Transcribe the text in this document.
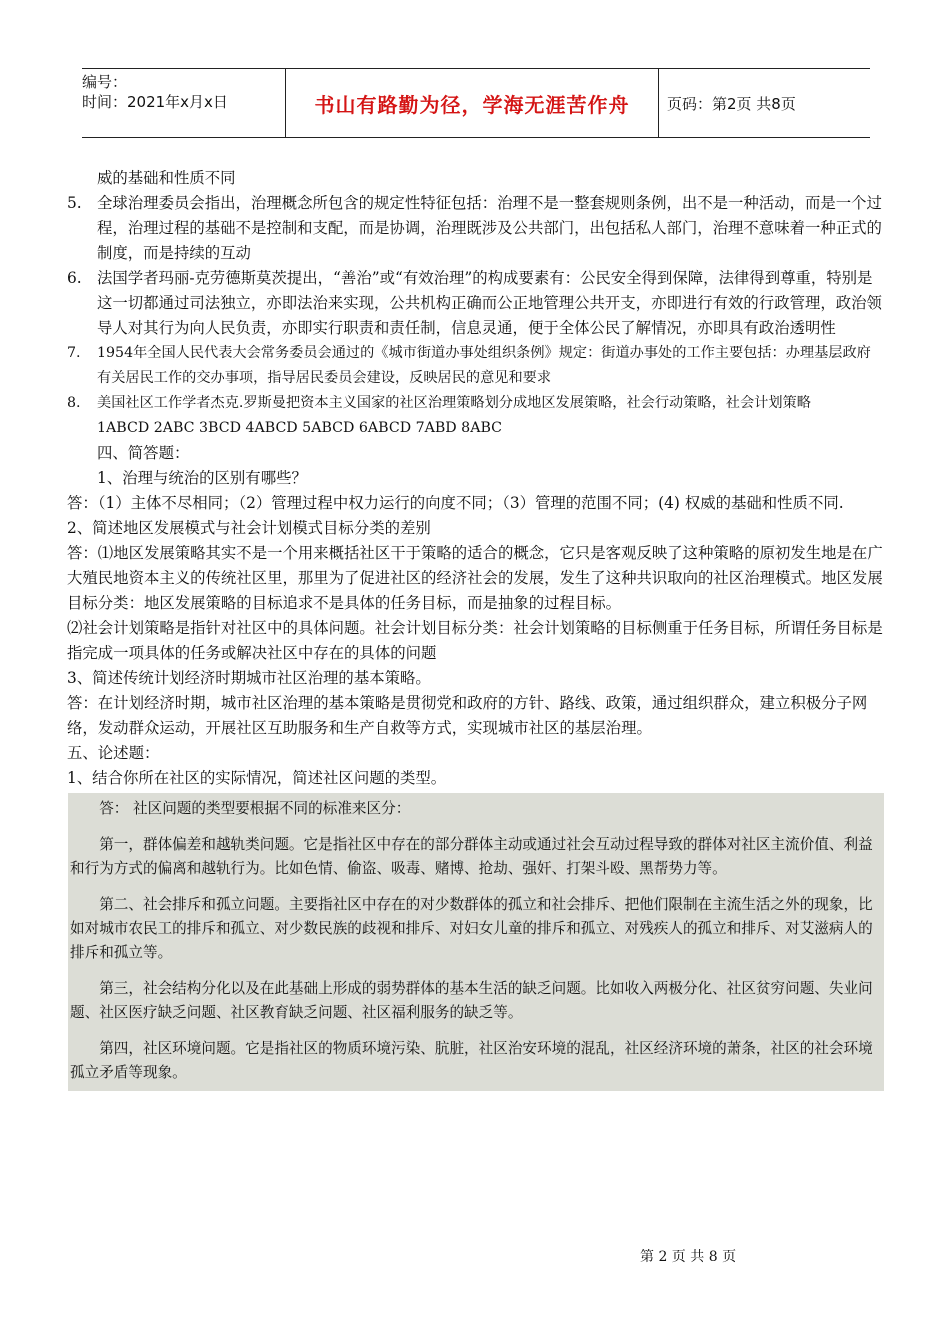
编号：
时间：2021年x月x日	书山有路勤为径，学海无涯苦作舟	页码：第2页 共8页

威的基础和性质不同

5. 全球治理委员会指出，治理概念所包含的规定性特征包括：治理不是一整套规则条例，出不是一种活动，而是一个过程，治理过程的基础不是控制和支配，而是协调，治理既涉及公共部门，出包括私人部门，治理不意味着一种正式的制度，而是持续的互动
6. 法国学者玛丽-克劳德斯莫茨提出，“善治”或“有效治理”的构成要素有：公民安全得到保障，法律得到尊重，特别是这一切都通过司法独立，亦即法治来实现，公共机构正确而公正地管理公共开支，亦即进行有效的行政管理，政治领导人对其行为向人民负责，亦即实行职责和责任制，信息灵通，便于全体公民了解情况，亦即具有政治透明性
7.	1954年全国人民代表大会常务委员会通过的《城市街道办事处组织条例》规定：街道办事处的工作主要包括：办理基层政府有关居民工作的交办事项，指导居民委员会建设，反映居民的意见和要求
8.	美国社区工作学者杰克.罗斯曼把资本主义国家的社区治理策略划分成地区发展策略，社会行动策略，社会计划策略

1ABCD 2ABC 3BCD 4ABCD 5ABCD 6ABCD 7ABD 8ABC

四、简答题：

1、治理与统治的区别有哪些？

答：（1）主体不尽相同；（2）管理过程中权力运行的向度不同；（3）管理的范围不同；(4) 权威的基础和性质不同.

2、简述地区发展模式与社会计划模式目标分类的差别

答：⑴地区发展策略其实不是一个用来概括社区干于策略的适合的概念，它只是客观反映了这种策略的原初发生地是在广大殖民地资本主义的传统社区里，那里为了促进社区的经济社会的发展，发生了这种共识取向的社区治理模式。地区发展目标分类：地区发展策略的目标追求不是具体的任务目标，而是抽象的过程目标。

⑵社会计划策略是指针对社区中的具体问题。社会计划目标分类：社会计划策略的目标侧重于任务目标，所谓任务目标是指完成一项具体的任务或解决社区中存在的具体的问题

3、简述传统计划经济时期城市社区治理的基本策略。

答：在计划经济时期，城市社区治理的基本策略是贯彻党和政府的方针、路线、政策，通过组织群众，建立积极分子网络，发动群众运动，开展社区互助服务和生产自救等方式，实现城市社区的基层治理。

五、论述题：

1、结合你所在社区的实际情况，简述社区问题的类型。

答： 社区问题的类型要根据不同的标准来区分：

第一，群体偏差和越轨类问题。它是指社区中存在的部分群体主动或通过社会互动过程导致的群体对社区主流价值、利益和行为方式的偏离和越轨行为。比如色情、偷盗、吸毒、赌博、抢劫、强奸、打架斗殴、黑帮势力等。

第二、社会排斥和孤立问题。主要指社区中存在的对少数群体的孤立和社会排斥、把他们限制在主流生活之外的现象，比如对城市农民工的排斥和孤立、对少数民族的歧视和排斥、对妇女儿童的排斥和孤立、对残疾人的孤立和排斥、对艾滋病人的排斥和孤立等。

第三，社会结构分化以及在此基础上形成的弱势群体的基本生活的缺乏问题。比如收入两极分化、社区贫穷问题、失业问题、社区医疗缺乏问题、社区教育缺乏问题、社区福利服务的缺乏等。

第四，社区环境问题。它是指社区的物质环境污染、肮脏，社区治安环境的混乱，社区经济环境的萧条，社区的社会环境孤立矛盾等现象。

第 2 页 共 8 页
